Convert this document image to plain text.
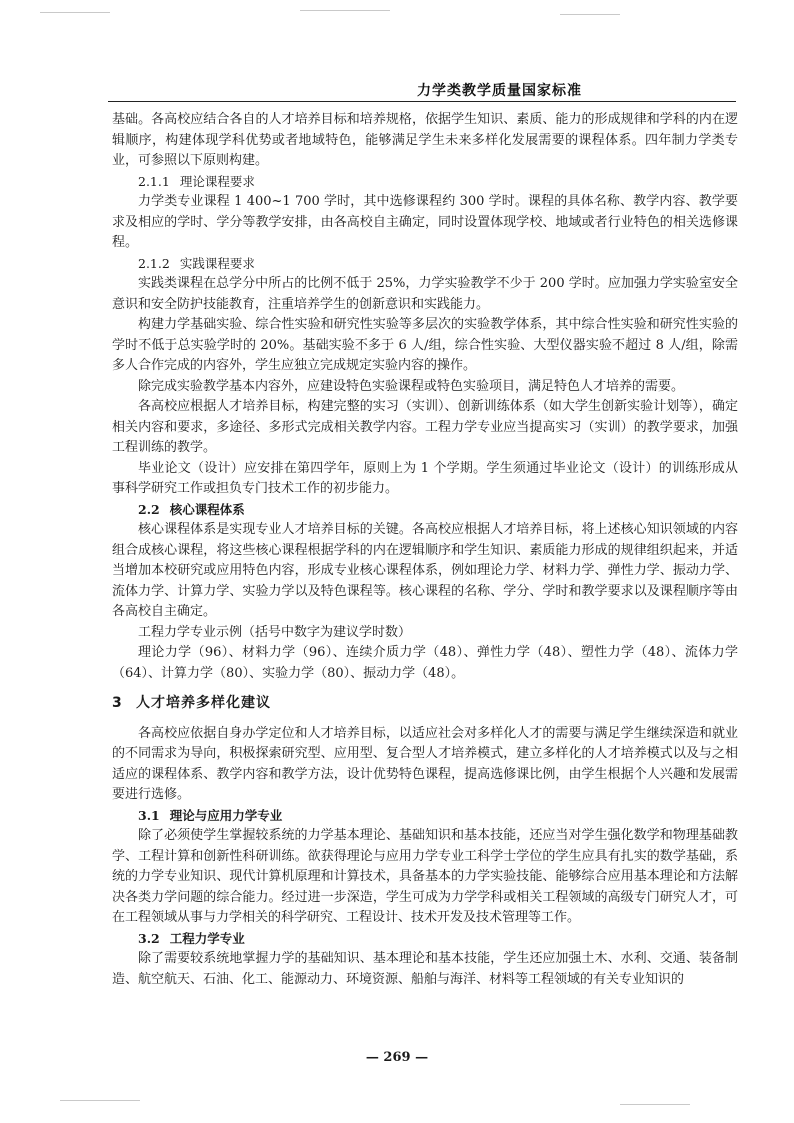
力学类教学质量国家标准

基础。各高校应结合各自的人才培养目标和培养规格，依据学生知识、素质、能力的形成规律和学科的内在逻辑顺序，构建体现学科优势或者地域特色，能够满足学生未来多样化发展需要的课程体系。四年制力学类专业，可参照以下原则构建。

2.1.1 理论课程要求

力学类专业课程 1 400~1 700 学时，其中选修课程约 300 学时。课程的具体名称、教学内容、教学要求及相应的学时、学分等教学安排，由各高校自主确定，同时设置体现学校、地域或者行业特色的相关选修课程。

2.1.2 实践课程要求

实践类课程在总学分中所占的比例不低于 25%，力学实验教学不少于 200 学时。应加强力学实验室安全意识和安全防护技能教育，注重培养学生的创新意识和实践能力。

构建力学基础实验、综合性实验和研究性实验等多层次的实验教学体系，其中综合性实验和研究性实验的学时不低于总实验学时的 20%。基础实验不多于 6 人/组，综合性实验、大型仪器实验不超过 8 人/组，除需多人合作完成的内容外，学生应独立完成规定实验内容的操作。

除完成实验教学基本内容外，应建设特色实验课程或特色实验项目，满足特色人才培养的需要。

各高校应根据人才培养目标，构建完整的实习（实训）、创新训练体系（如大学生创新实验计划等），确定相关内容和要求，多途径、多形式完成相关教学内容。工程力学专业应当提高实习（实训）的教学要求，加强工程训练的教学。

毕业论文（设计）应安排在第四学年，原则上为 1 个学期。学生须通过毕业论文（设计）的训练形成从事科学研究工作或担负专门技术工作的初步能力。

2.2 核心课程体系

核心课程体系是实现专业人才培养目标的关键。各高校应根据人才培养目标，将上述核心知识领域的内容组合成核心课程，将这些核心课程根据学科的内在逻辑顺序和学生知识、素质能力形成的规律组织起来，并适当增加本校研究或应用特色内容，形成专业核心课程体系，例如理论力学、材料力学、弹性力学、振动力学、流体力学、计算力学、实验力学以及特色课程等。核心课程的名称、学分、学时和教学要求以及课程顺序等由各高校自主确定。

工程力学专业示例（括号中数字为建议学时数）

理论力学（96）、材料力学（96）、连续介质力学（48）、弹性力学（48）、塑性力学（48）、流体力学（64）、计算力学（80）、实验力学（80）、振动力学（48）。

3 人才培养多样化建议

各高校应依据自身办学定位和人才培养目标，以适应社会对多样化人才的需要与满足学生继续深造和就业的不同需求为导向，积极探索研究型、应用型、复合型人才培养模式，建立多样化的人才培养模式以及与之相适应的课程体系、教学内容和教学方法，设计优势特色课程，提高选修课比例，由学生根据个人兴趣和发展需要进行选修。

3.1 理论与应用力学专业

除了必须使学生掌握较系统的力学基本理论、基础知识和基本技能，还应当对学生强化数学和物理基础教学、工程计算和创新性科研训练。欲获得理论与应用力学专业工科学士学位的学生应具有扎实的数学基础，系统的力学专业知识、现代计算机原理和计算技术，具备基本的力学实验技能、能够综合应用基本理论和方法解决各类力学问题的综合能力。经过进一步深造，学生可成为力学学科或相关工程领域的高级专门研究人才，可在工程领域从事与力学相关的科学研究、工程设计、技术开发及技术管理等工作。

3.2 工程力学专业

除了需要较系统地掌握力学的基础知识、基本理论和基本技能，学生还应加强土木、水利、交通、装备制造、航空航天、石油、化工、能源动力、环境资源、船舶与海洋、材料等工程领域的有关专业知识的

— 269 —
